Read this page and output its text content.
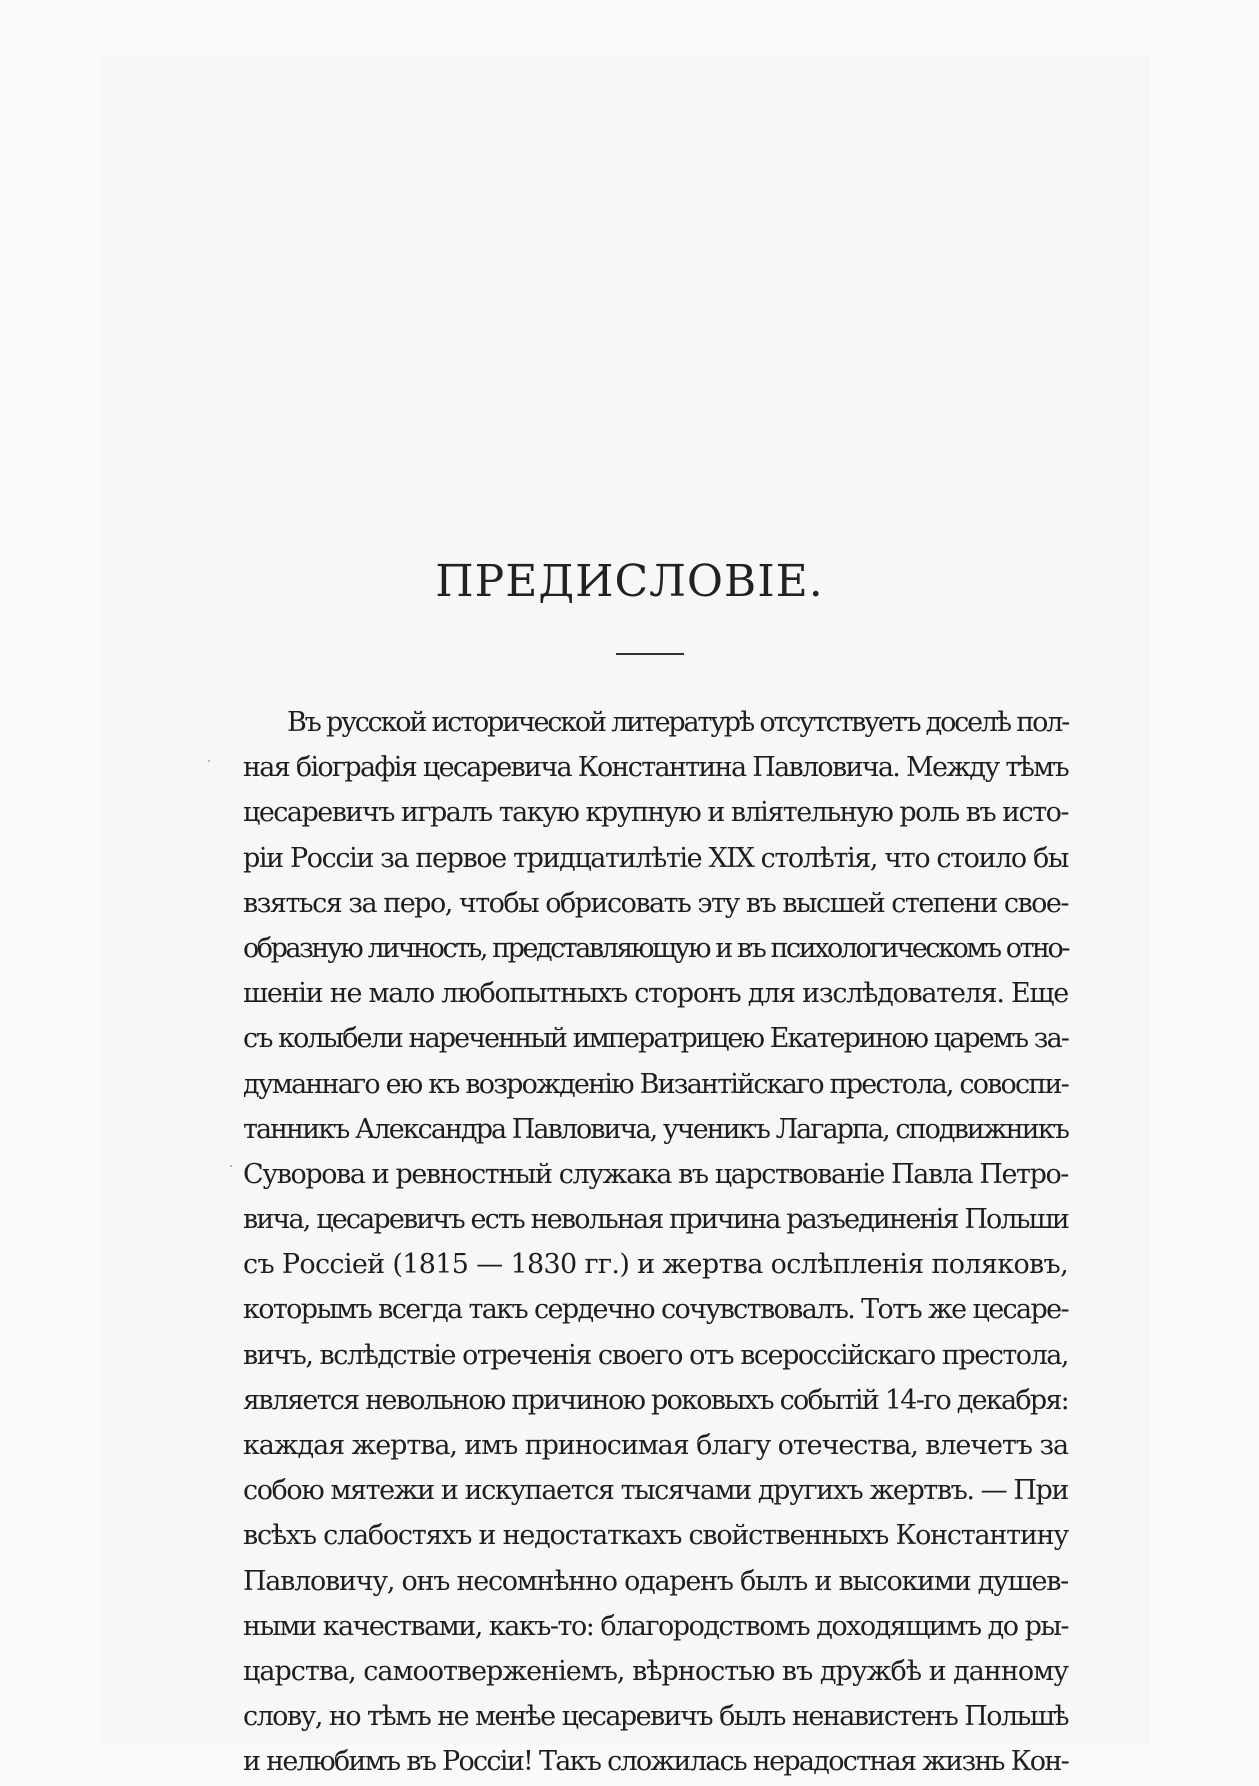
ПРЕДИСЛОВІЕ.
Въ русской исторической литературѣ отсутствуетъ доселѣ пол-
ная біографія цесаревича Константина Павловича. Между тѣмъ
цесаревичъ игралъ такую крупную и вліятельную роль въ исто-
ріи Россіи за первое тридцатилѣтіе XIX столѣтія, что стоило бы
взяться за перо, чтобы обрисовать эту въ высшей степени свое-
образную личность, представляющую и въ психологическомъ отно-
шеніи не мало любопытныхъ сторонъ для изслѣдователя. Еще
съ колыбели нареченный императрицею Екатериною царемъ за-
думаннаго ею къ возрожденію Византійскаго престола, совоспи-
танникъ Александра Павловича, ученикъ Лагарпа, сподвижникъ
Суворова и ревностный служака въ царствованіе Павла Петро-
вича, цесаревичъ есть невольная причина разъединенія Польши
съ Россіей (1815 — 1830 гг.) и жертва ослѣпленія поляковъ,
которымъ всегда такъ сердечно сочувствовалъ. Тотъ же цесаре-
вичъ, вслѣдствіе отреченія своего отъ всероссійскаго престола,
является невольною причиною роковыхъ событій 14-го декабря:
каждая жертва, имъ приносимая благу отечества, влечетъ за
собою мятежи и искупается тысячами другихъ жертвъ. — При
всѣхъ слабостяхъ и недостаткахъ свойственныхъ Константину
Павловичу, онъ несомнѣнно одаренъ былъ и высокими душев-
ными качествами, какъ-то: благородствомъ доходящимъ до ры-
царства, самоотверженіемъ, вѣрностью въ дружбѣ и данному
слову, но тѣмъ не менѣе цесаревичъ былъ ненавистенъ Польшѣ
и нелюбимъ въ Россіи! Такъ сложилась нерадостная жизнь Кон-
